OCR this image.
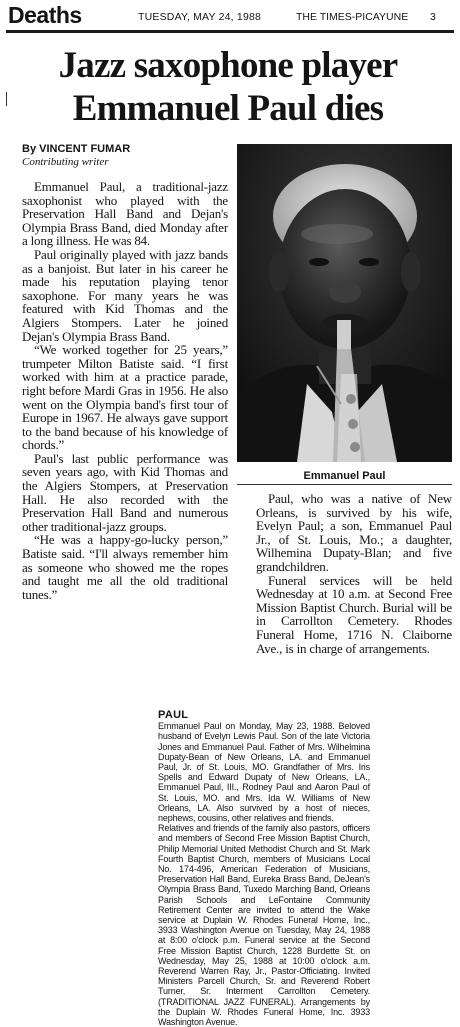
Deaths	TUESDAY, MAY 24, 1988	THE TIMES-PICAYUNE 3
Jazz saxophone player
Emmanuel Paul dies
By VINCENT FUMAR
Contributing writer

Emmanuel Paul, a traditional-jazz saxophonist who played with the Preservation Hall Band and Dejan's Olympia Brass Band, died Monday after a long illness. He was 84.

Paul originally played with jazz bands as a banjoist. But later in his career he made his reputation playing tenor saxophone. For many years he was featured with Kid Thomas and the Algiers Stompers. Later he joined Dejan's Olympia Brass Band.

“We worked together for 25 years,” trumpeter Milton Batiste said. “I first worked with him at a practice parade, right before Mardi Gras in 1956. He also went on the Olympia band's first tour of Europe in 1967. He always gave support to the band because of his knowledge of chords.”

Paul's last public performance was seven years ago, with Kid Thomas and the Algiers Stompers, at Preservation Hall. He also recorded with the Preservation Hall Band and numerous other traditional-jazz groups.

“He was a happy-go-lucky person,” Batiste said. “I'll always remember him as someone who showed me the ropes and taught me all the old traditional tunes.”

Emmanuel Paul

Paul, who was a native of New Orleans, is survived by his wife, Evelyn Paul; a son, Emmanuel Paul Jr., of St. Louis, Mo.; a daughter, Wilhemina Dupaty-Blan; and five grandchildren.

Funeral services will be held Wednesday at 10 a.m. at Second Free Mission Baptist Church. Burial will be in Carrollton Cemetery. Rhodes Funeral Home, 1716 N. Claiborne Ave., is in charge of arrangements.

PAUL

Emmanuel Paul on Monday, May 23, 1988. Beloved husband of Evelyn Lewis Paul. Son of the late Victoria Jones and Emmanuel Paul. Father of Mrs. Wilhelmina Dupaty-Bean of New Orleans, LA. and Emmanuel Paul, Jr. of St. Louis, MO. Grandfather of Mrs. Iris Spells and Edward Dupaty of New Orleans, LA., Emmanuel Paul, III., Rodney Paul and Aaron Paul of St. Louis, MO. and Mrs. Ida W. Williams of New Orleans, LA. Also survived by a host of nieces, nephews, cousins, other relatives and friends.

Relatives and friends of the family also pastors, officers and members of Second Free Mission Baptist Church, Philip Memorial United Methodist Church and St. Mark Fourth Baptist Church, members of Musicians Local No. 174-496, American Federation of Musicians, Preservation Hall Band, Eureka Brass Band, DeJean's Olympia Brass Band, Tuxedo Marching Band, Orleans Parish Schools and LeFontaine Community Retirement Center are invited to attend the Wake service at Duplain W. Rhodes Funeral Home, Inc., 3933 Washington Avenue on Tuesday, May 24, 1988 at 8:00 o'clock p.m. Funeral service at the Second Free Mission Baptist Church, 1228 Burdette St. on Wednesday, May 25, 1988 at 10:00 o'clock a.m. Reverend Warren Ray, Jr., Pastor-Officiating. Invited Ministers Parcell Church, Sr. and Reverend Robert Turner, Sr. Interment Carrollton Cemetery. (TRADITIONAL JAZZ FUNERAL). Arrangements by the Duplain W. Rhodes Funeral Home, Inc. 3933 Washington Avenue.
